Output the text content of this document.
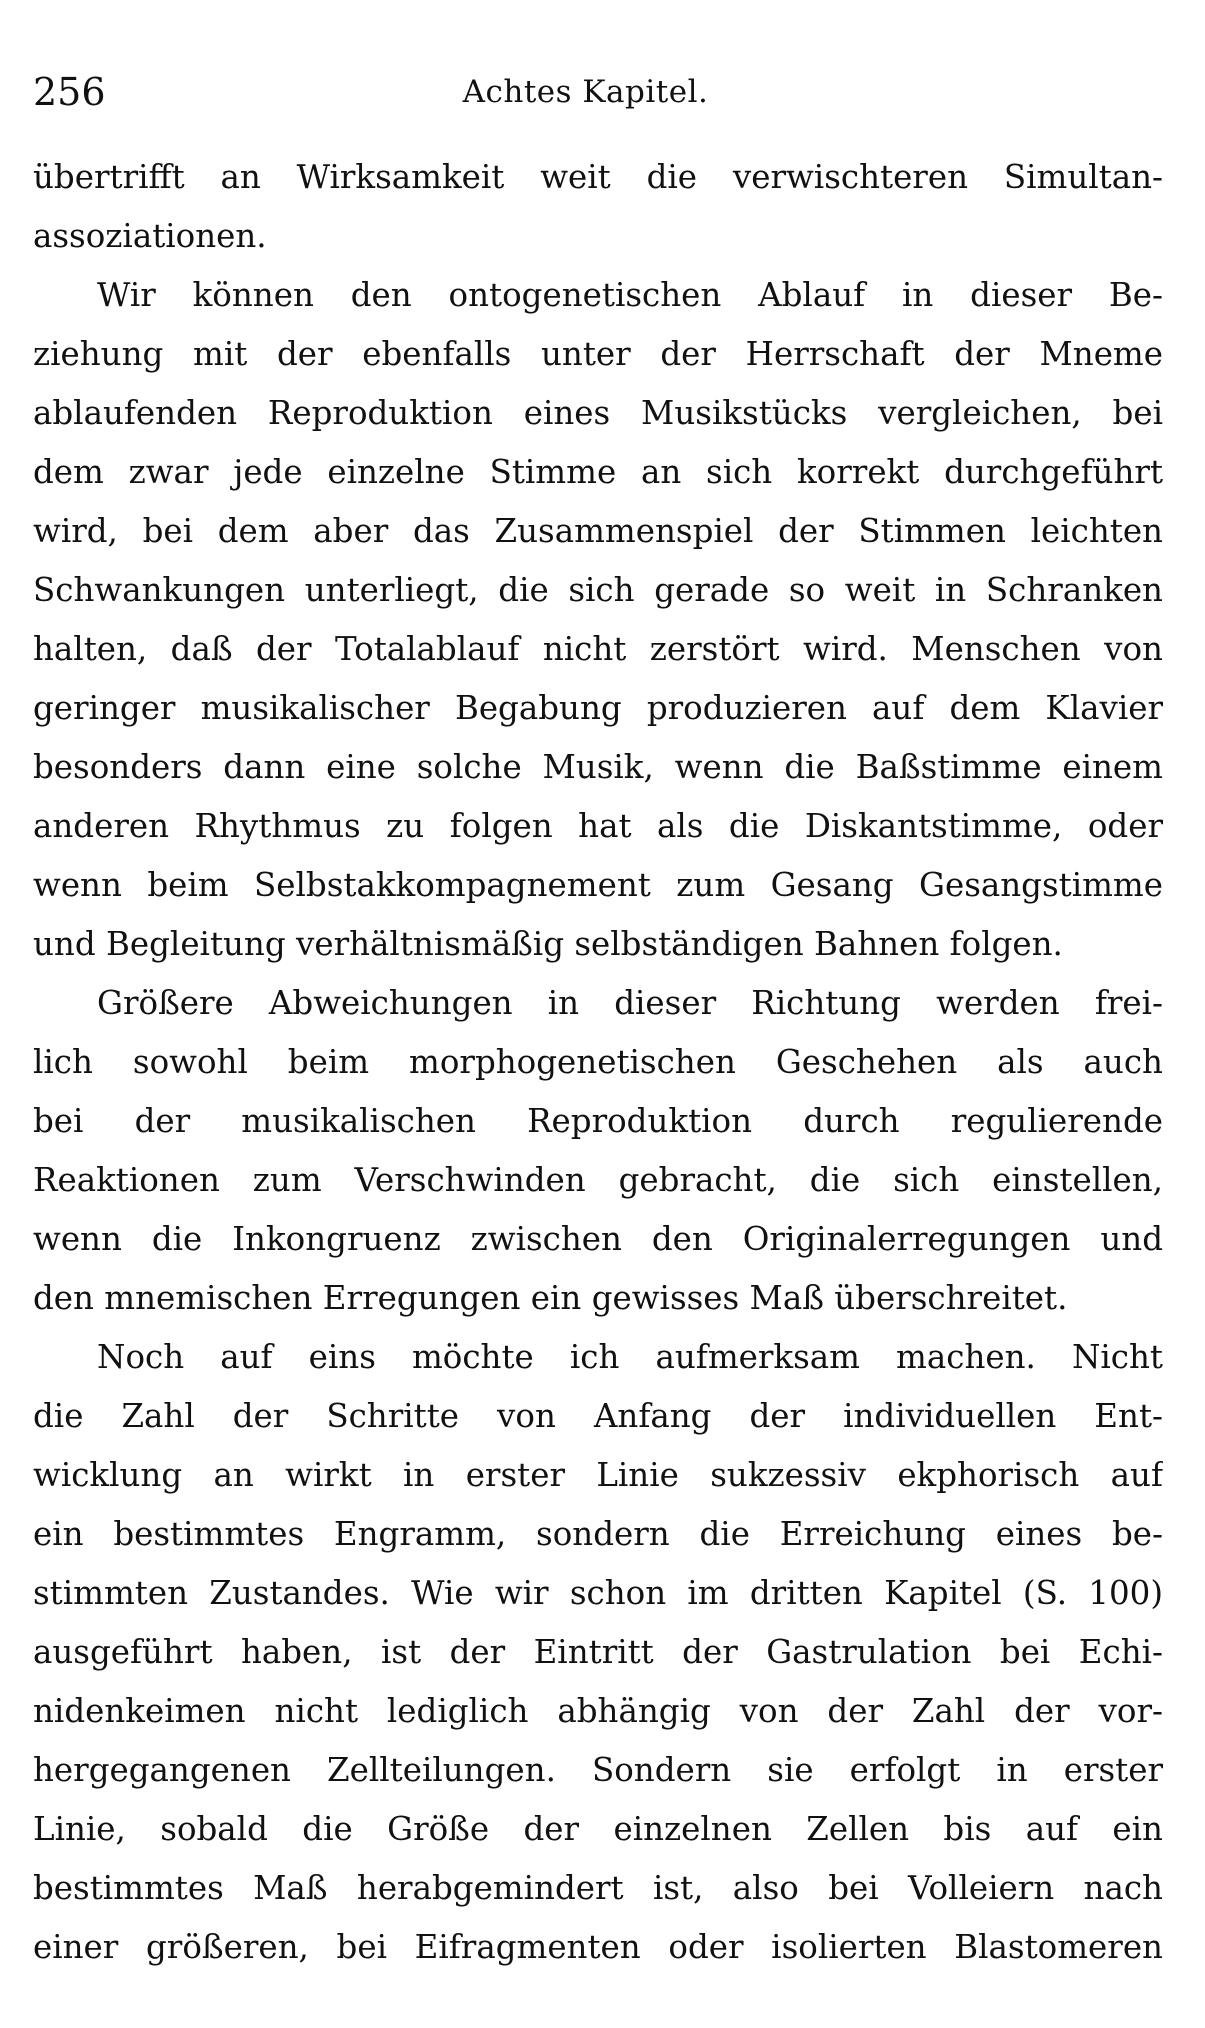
256	Achtes Kapitel.
übertrifft an Wirksamkeit weit die verwischteren Simultan-
assoziationen.
Wir können den ontogenetischen Ablauf in dieser Be-
ziehung mit der ebenfalls unter der Herrschaft der Mneme
ablaufenden Reproduktion eines Musikstücks vergleichen, bei
dem zwar jede einzelne Stimme an sich korrekt durchgeführt
wird, bei dem aber das Zusammenspiel der Stimmen leichten
Schwankungen unterliegt, die sich gerade so weit in Schranken
halten, daß der Totalablauf nicht zerstört wird. Menschen von
geringer musikalischer Begabung produzieren auf dem Klavier
besonders dann eine solche Musik, wenn die Baßstimme einem
anderen Rhythmus zu folgen hat als die Diskantstimme, oder
wenn beim Selbstakkompagnement zum Gesang Gesangstimme
und Begleitung verhältnismäßig selbständigen Bahnen folgen.
Größere Abweichungen in dieser Richtung werden frei-
lich sowohl beim morphogenetischen Geschehen als auch
bei der musikalischen Reproduktion durch regulierende
Reaktionen zum Verschwinden gebracht, die sich einstellen,
wenn die Inkongruenz zwischen den Originalerregungen und
den mnemischen Erregungen ein gewisses Maß überschreitet.
Noch auf eins möchte ich aufmerksam machen. Nicht
die Zahl der Schritte von Anfang der individuellen Ent-
wicklung an wirkt in erster Linie sukzessiv ekphorisch auf
ein bestimmtes Engramm, sondern die Erreichung eines be-
stimmten Zustandes. Wie wir schon im dritten Kapitel (S. 100)
ausgeführt haben, ist der Eintritt der Gastrulation bei Echi-
nidenkeimen nicht lediglich abhängig von der Zahl der vor-
hergegangenen Zellteilungen. Sondern sie erfolgt in erster
Linie, sobald die Größe der einzelnen Zellen bis auf ein
bestimmtes Maß herabgemindert ist, also bei Volleiern nach
einer größeren, bei Eifragmenten oder isolierten Blastomeren
